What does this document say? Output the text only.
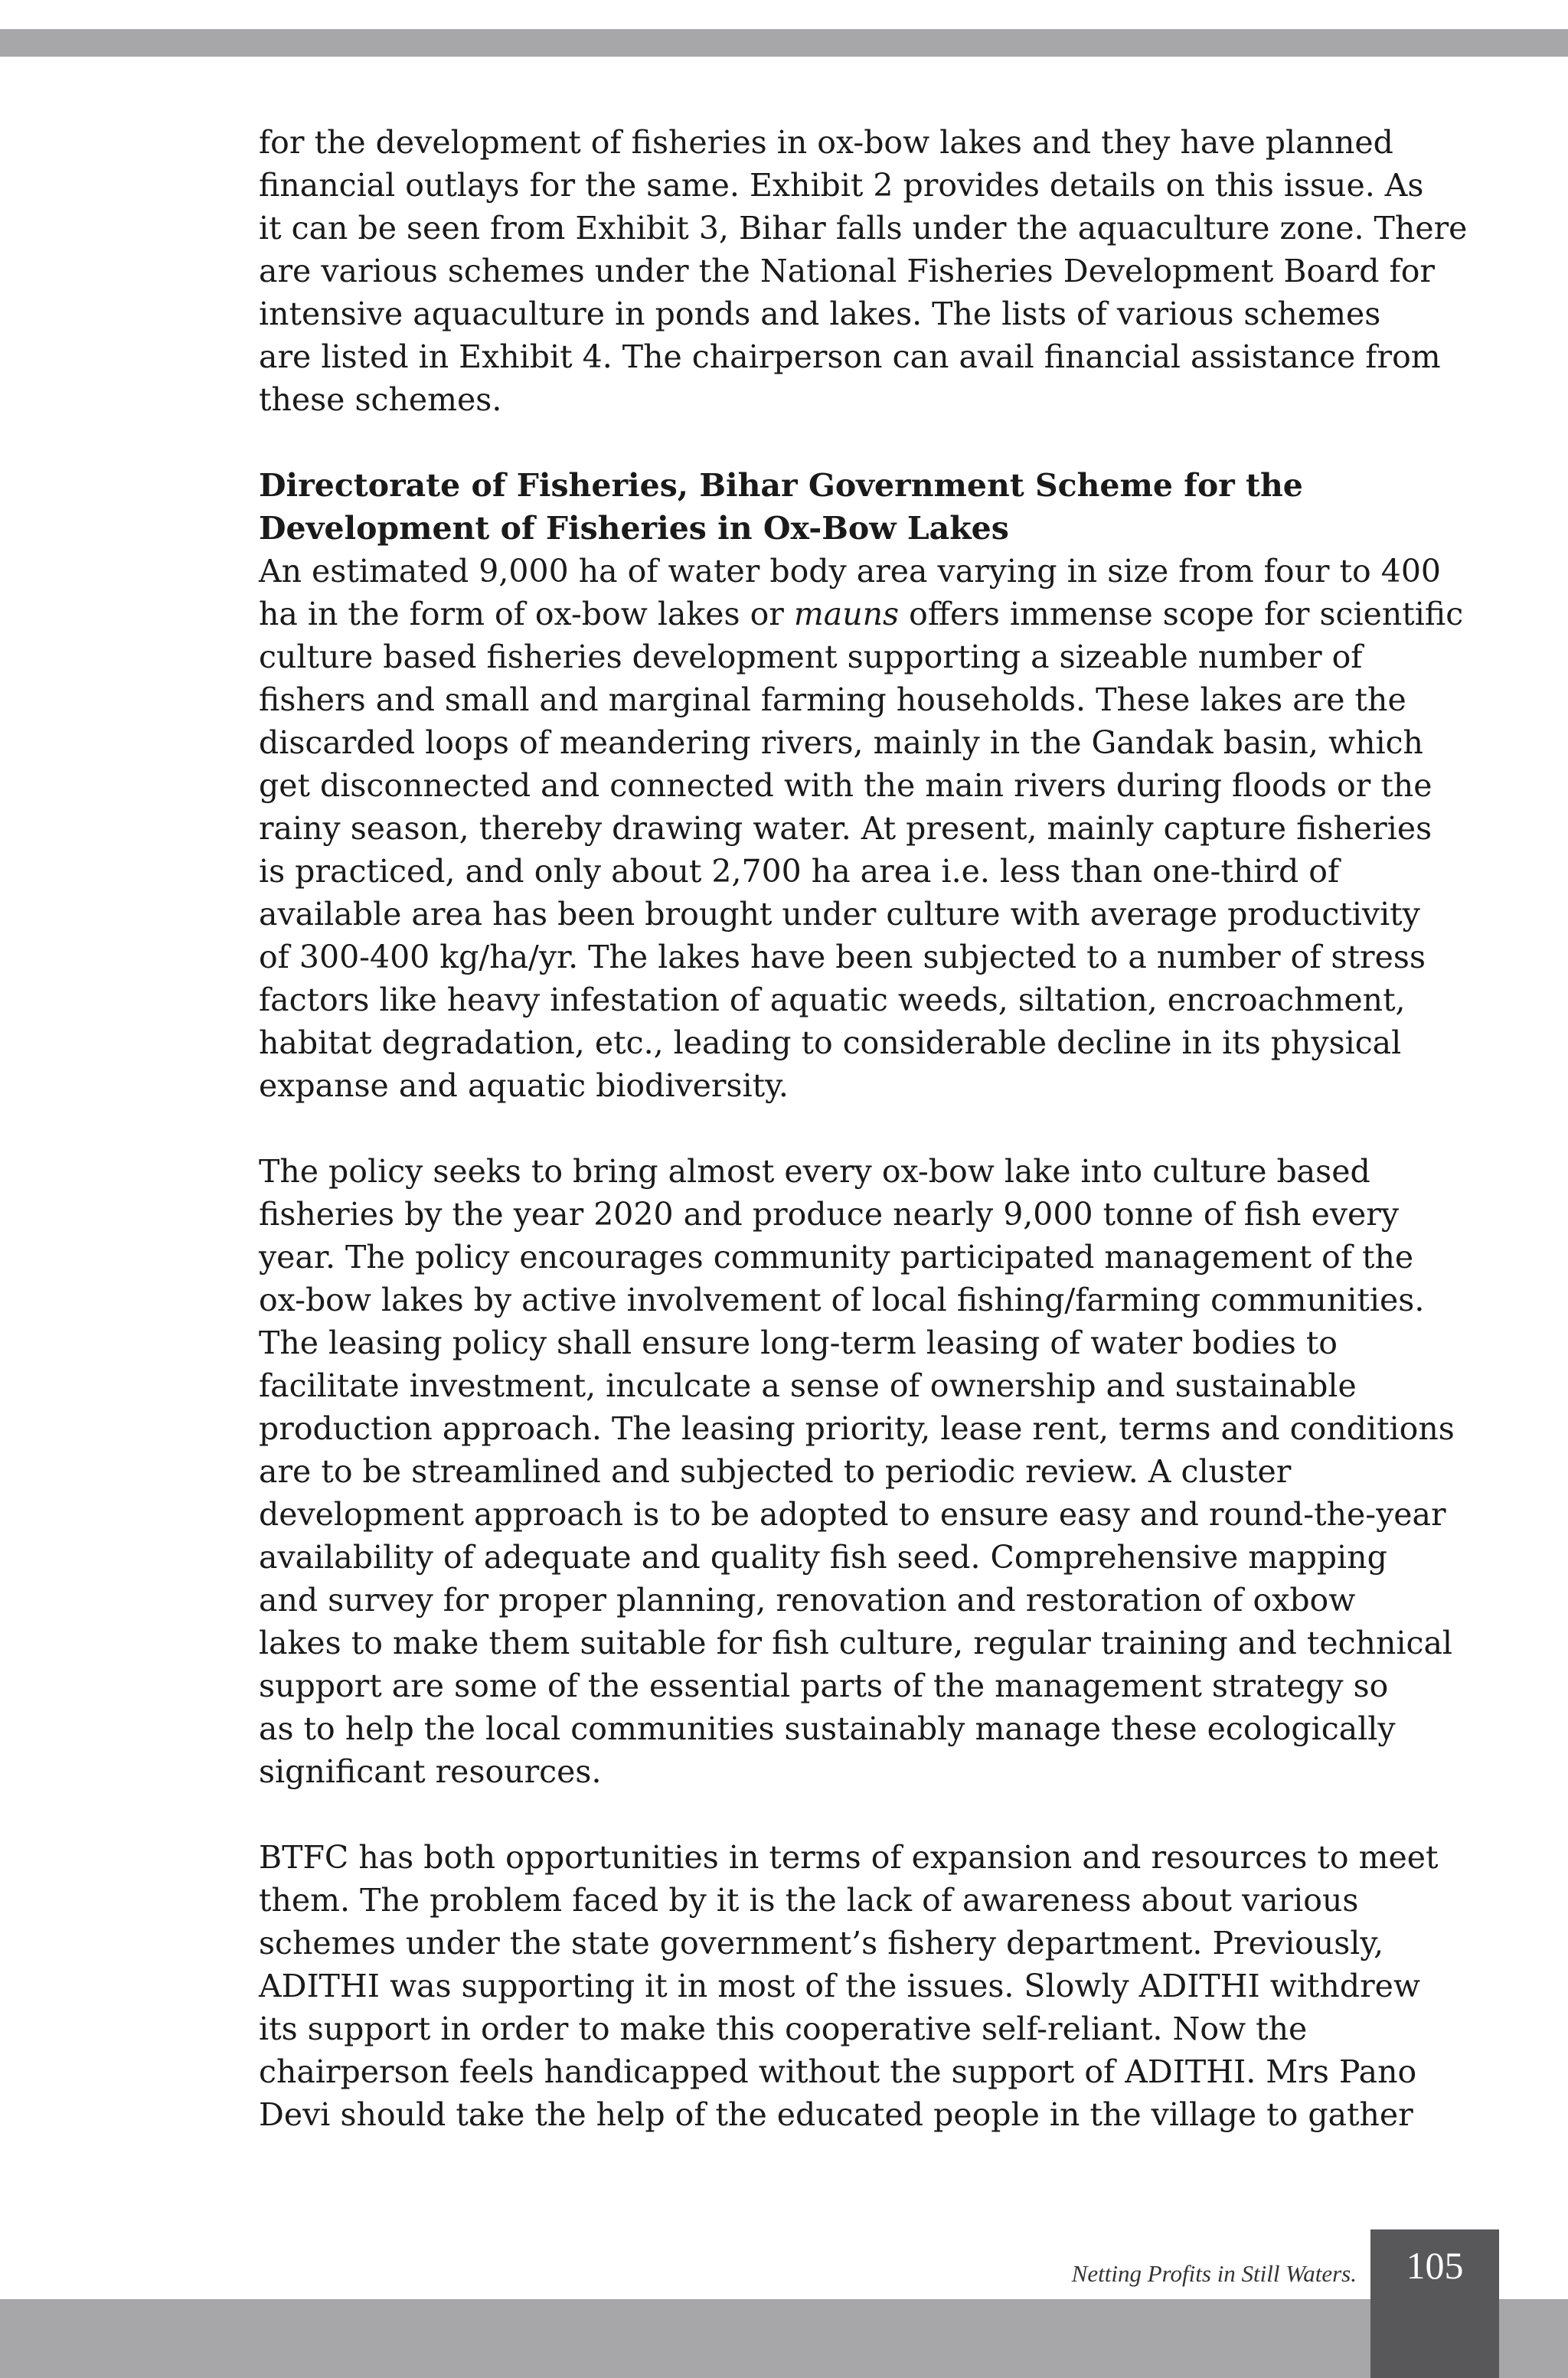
for the development of fisheries in ox-bow lakes and they have planned
financial outlays for the same. Exhibit 2 provides details on this issue. As
it can be seen from Exhibit 3, Bihar falls under the aquaculture zone. There
are various schemes under the National Fisheries Development Board for
intensive aquaculture in ponds and lakes. The lists of various schemes
are listed in Exhibit 4. The chairperson can avail financial assistance from
these schemes.

Directorate of Fisheries, Bihar Government Scheme for the
Development of Fisheries in Ox-Bow Lakes

An estimated 9,000 ha of water body area varying in size from four to 400
ha in the form of ox-bow lakes or mauns offers immense scope for scientific
culture based fisheries development supporting a sizeable number of
fishers and small and marginal farming households. These lakes are the
discarded loops of meandering rivers, mainly in the Gandak basin, which
get disconnected and connected with the main rivers during floods or the
rainy season, thereby drawing water. At present, mainly capture fisheries
is practiced, and only about 2,700 ha area i.e. less than one-third of
available area has been brought under culture with average productivity
of 300-400 kg/ha/yr. The lakes have been subjected to a number of stress
factors like heavy infestation of aquatic weeds, siltation, encroachment,
habitat degradation, etc., leading to considerable decline in its physical
expanse and aquatic biodiversity.

The policy seeks to bring almost every ox-bow lake into culture based
fisheries by the year 2020 and produce nearly 9,000 tonne of fish every
year. The policy encourages community participated management of the
ox-bow lakes by active involvement of local fishing/farming communities.
The leasing policy shall ensure long-term leasing of water bodies to
facilitate investment, inculcate a sense of ownership and sustainable
production approach. The leasing priority, lease rent, terms and conditions
are to be streamlined and subjected to periodic review. A cluster
development approach is to be adopted to ensure easy and round-the-year
availability of adequate and quality fish seed. Comprehensive mapping
and survey for proper planning, renovation and restoration of oxbow
lakes to make them suitable for fish culture, regular training and technical
support are some of the essential parts of the management strategy so
as to help the local communities sustainably manage these ecologically
significant resources.

BTFC has both opportunities in terms of expansion and resources to meet
them. The problem faced by it is the lack of awareness about various
schemes under the state government’s fishery department. Previously,
ADITHI was supporting it in most of the issues. Slowly ADITHI withdrew
its support in order to make this cooperative self-reliant. Now the
chairperson feels handicapped without the support of ADITHI. Mrs Pano
Devi should take the help of the educated people in the village to gather

Netting Profits in Still Waters.	105
